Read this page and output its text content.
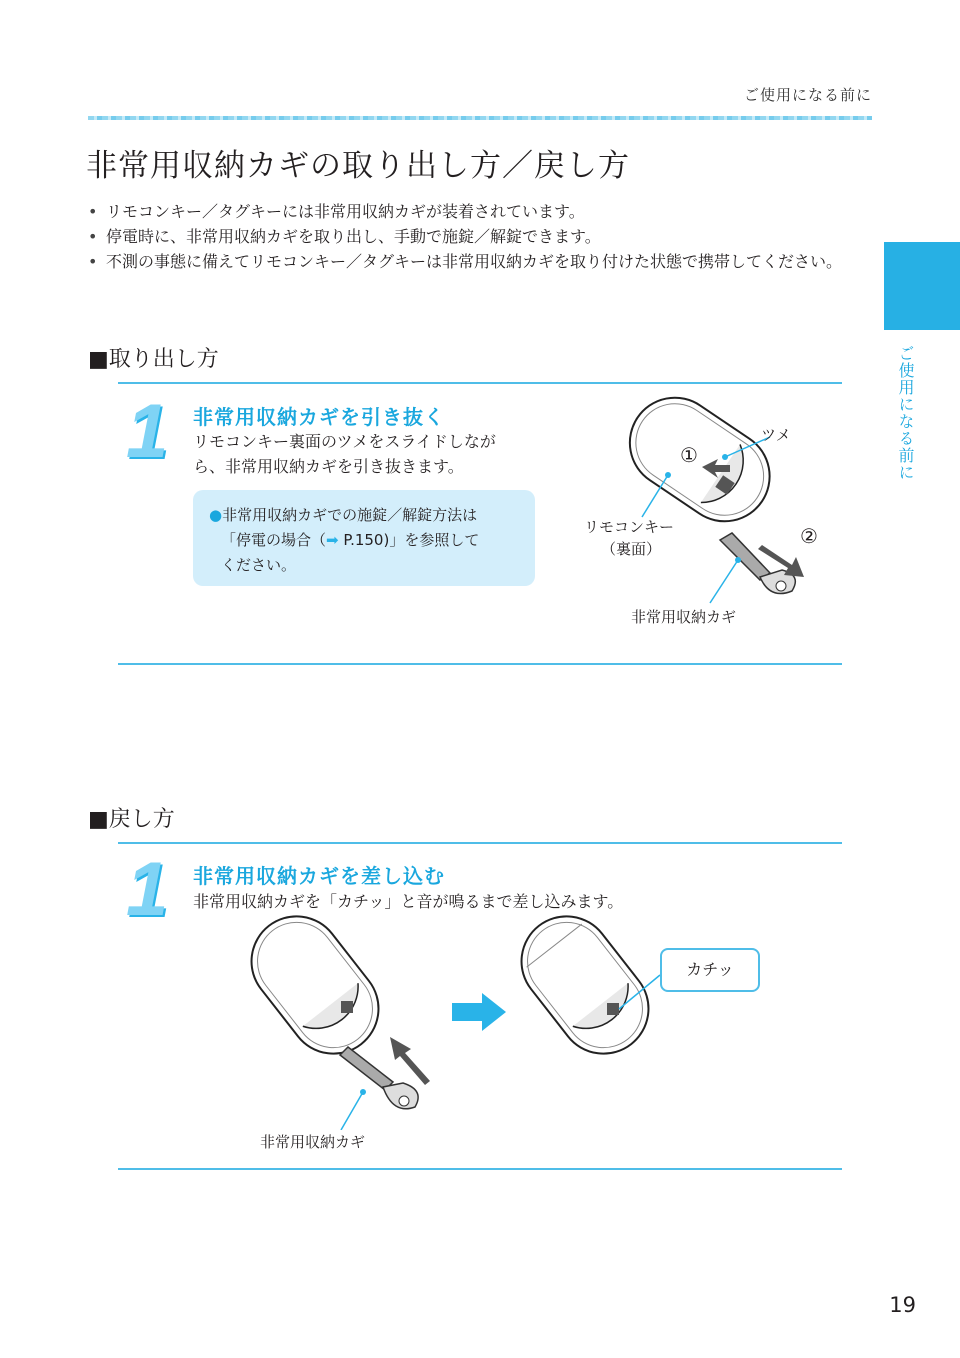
ご使用になる前に
ご使用になる前に
非常用収納カギの取り出し方／戻し方
• リモコンキー／タグキーには非常用収納カギが装着されています。
• 停電時に、非常用収納カギを取り出し、手動で施錠／解錠できます。
• 不測の事態に備えてリモコンキー／タグキーは非常用収納カギを取り付けた状態で携帯してください。
■取り出し方
1 非常用収納カギを引き抜く
リモコンキー裏面のツメをスライドしなが
ら、非常用収納カギを引き抜きます。
●非常用収納カギでの施錠／解錠方法は
「停電の場合（➡ P.150)」を参照して
ください。
①
②
ツメ
リモコンキー
（裏面）
非常用収納カギ
■戻し方
1 非常用収納カギを差し込む
非常用収納カギを「カチッ」と音が鳴るまで差し込みます。
非常用収納カギ
カチッ
19
